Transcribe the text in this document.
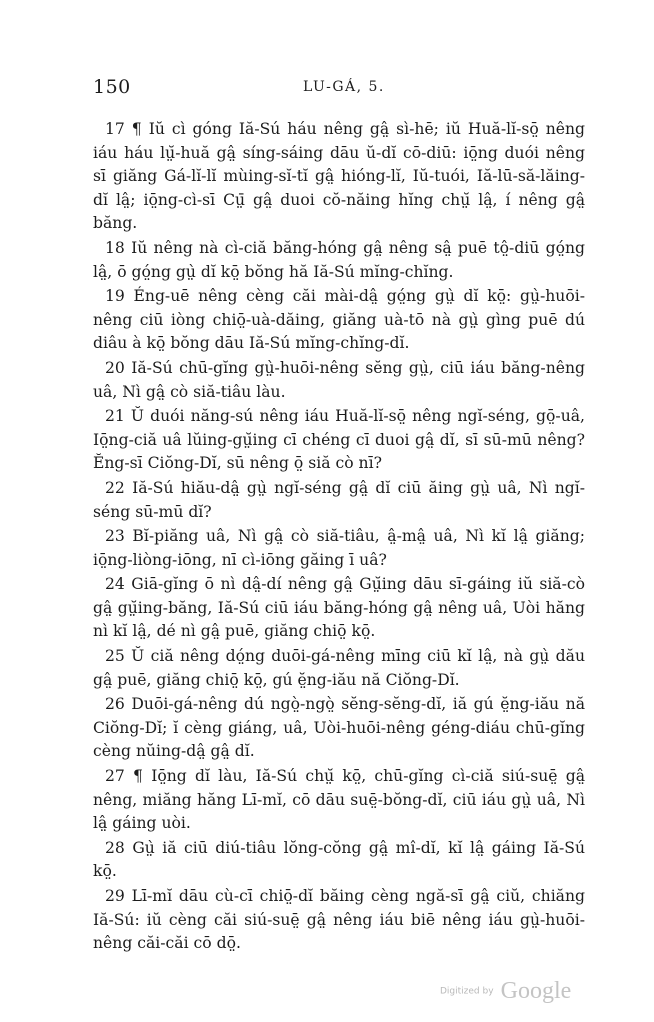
150	LU-GÁ, 5.

17 ¶ Iŭ cì góng Iă-Sú háu nêng gâ̤ sì-hē; iŭ Huă-lĭ-sō̤ nêng iáu háu lṳ̆-huă gâ̤ síng-sáing dāu ŭ-dĭ cō-diū: iō̤ng duói nêng sī giăng Gá-lĭ-lĭ mùing-sĭ-tĭ gâ̤ hióng-lĭ, Iŭ-tuói, Iă-lū-să-lăing-dĭ lâ̤; iō̤ng-cì-sī Cṳ̄ gâ̤ duoi cŏ-năing hĭng chṳ̆ lâ̤, í nêng gâ̤ băng.

18 Iŭ nêng nà cì-ciă băng-hóng gâ̤ nêng sâ̤ puē tô̤-diū gó̤ng lâ̤, ō gó̤ng gṳ̀ dĭ kō̤ bŏng hă Iă-Sú mĭng-chĭng.

19 Éng-uē nêng cèng căi mài-dâ̤ gó̤ng gṳ̀ dĭ kō̤: gṳ̀-huōi-nêng ciū iòng chiō̤-uà-dăing, giăng uà-tō nà gṳ̀ gìng puē dú diâu à kō̤ bŏng dāu Iă-Sú mĭng-chĭng-dĭ.

20 Iă-Sú chū-gĭng gṳ̀-huōi-nêng sĕng gṳ̀, ciū iáu băng-nêng uâ, Nì gâ̤ cò siă-tiâu làu.

21 Ŭ duói năng-sú nêng iáu Huă-lĭ-sō̤ nêng ngĭ-séng, gō̤-uâ, Iō̤ng-ciă uâ lŭing-gṳ̆ing cī chéng cī duoi gâ̤ dĭ, sī sū-mū nêng? Ĕng-sī Ciŏng-Dĭ, sū nêng ō̤ siă cò nī?

22 Iă-Sú hiău-dâ̤ gṳ̀ ngĭ-séng gâ̤ dĭ ciū ăing gṳ̀ uâ, Nì ngĭ-séng sū-mū dĭ?

23 Bĭ-piăng uâ, Nì gâ̤ cò siă-tiâu, â̤-mâ̤ uâ, Nì kĭ lâ̤ giăng; iō̤ng-liòng-iōng, nī cì-iōng găing ī uâ?

24 Giā-gĭng ō nì dâ̤-dí nêng gâ̤ Gṳ̆ing dāu sī-gáing iŭ siă-cò gâ̤ gṳ̆ing-băng, Iă-Sú ciū iáu băng-hóng gâ̤ nêng uâ, Uòi hăng nì kĭ lâ̤, dé nì gâ̤ puē, giăng chiō̤ kō̤.

25 Ŭ ciă nêng dó̤ng duōi-gá-nêng mīng ciū kĭ lâ̤, nà gṳ̀ dău gâ̤ puē, giăng chiō̤ kō̤, gú ĕ̤ng-iău nă Ciŏng-Dĭ.

26 Duōi-gá-nêng dú ngò̤-ngò̤ sĕng-sĕng-dĭ, iă gú ĕ̤ng-iău nă Ciŏng-Dĭ; ĭ cèng giáng, uâ, Uòi-huōi-nêng géng-diáu chū-gĭng cèng nŭing-dâ̤ gâ̤ dĭ.

27 ¶ Iō̤ng dĭ làu, Iă-Sú chṳ̆ kō̤, chū-gĭng cì-ciă siú-suē̤ gâ̤ nêng, miăng hăng Lī-mĭ, cō dāu suē̤-bŏng-dĭ, ciū iáu gṳ̀ uâ, Nì lâ̤ gáing uòi.

28 Gṳ̀ iă ciū diú-tiâu lŏng-cŏng gâ̤ mî-dĭ, kĭ lâ̤ gáing Iă-Sú kō̤.

29 Lī-mĭ dāu cù-cī chiō̤-dĭ băing cèng ngă-sī gâ̤ ciŭ, chiăng Iă-Sú: iŭ cèng căi siú-suē̤ gâ̤ nêng iáu biē nêng iáu gṳ̀-huōi-nêng căi-căi cō dō̤.

Digitized by Google
